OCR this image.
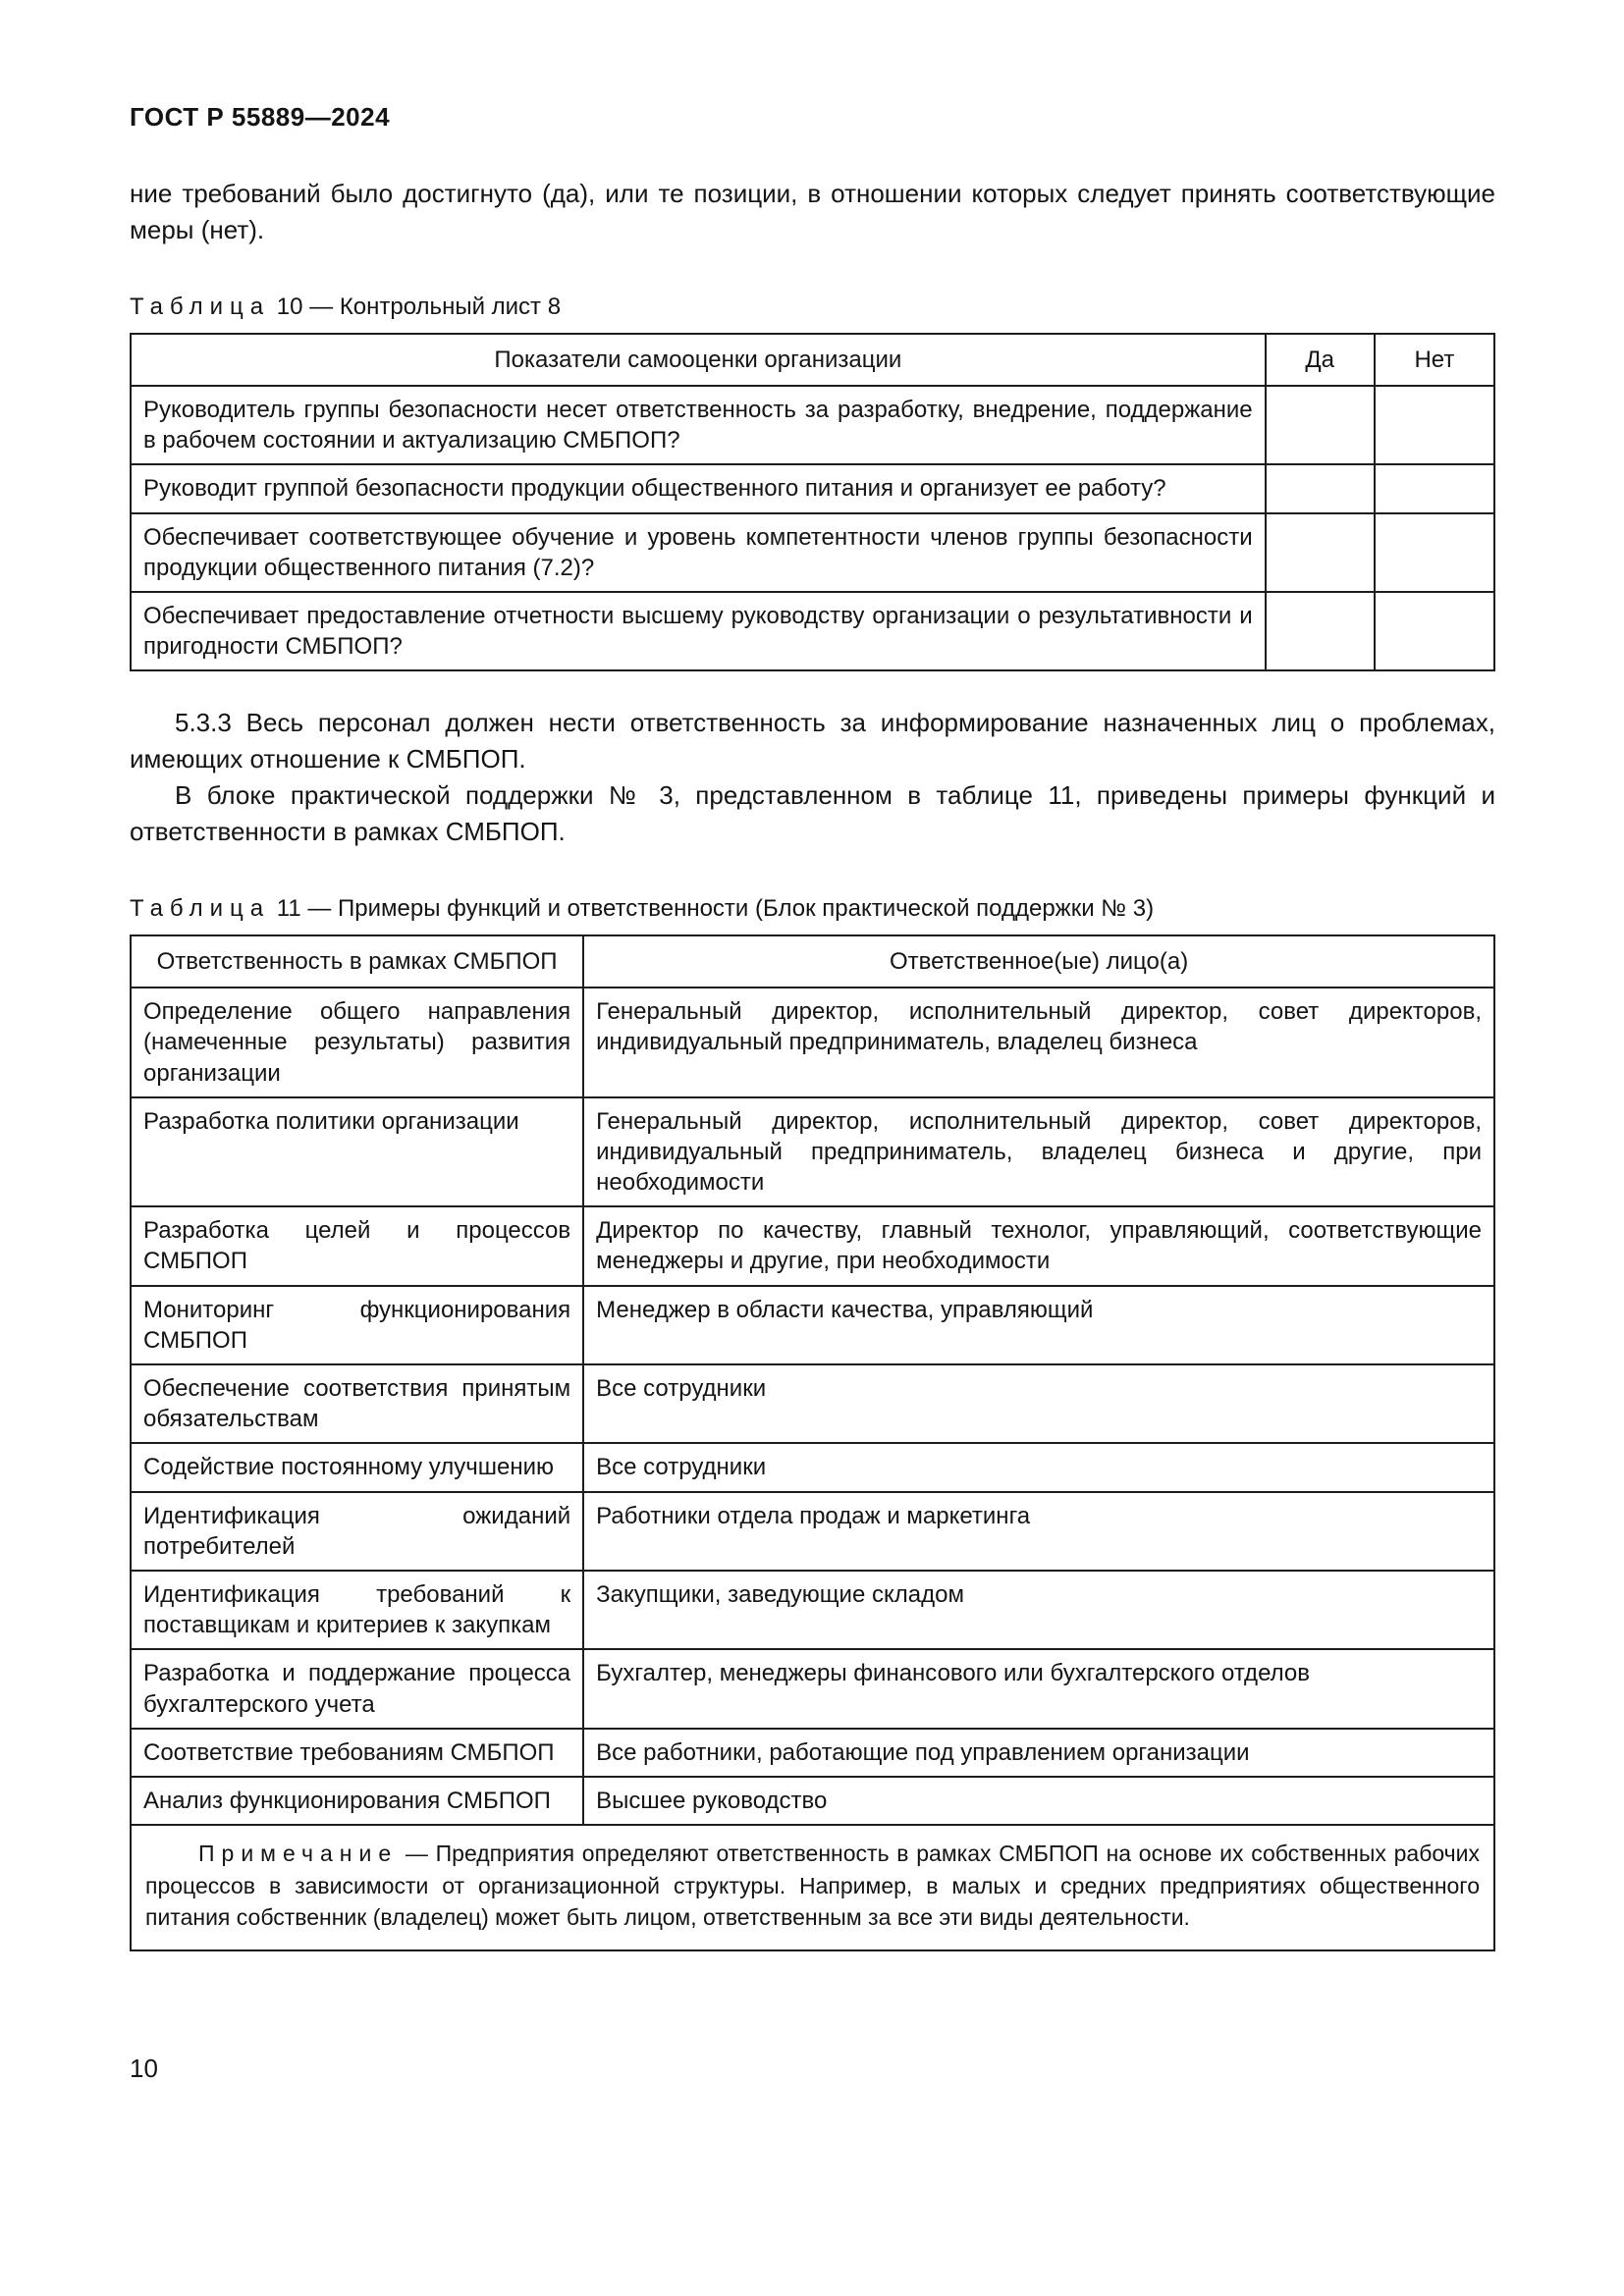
ГОСТ Р 55889—2024

ние требований было достигнуто (да), или те позиции, в отношении которых следует принять соответствующие меры (нет).

Таблица 10 — Контрольный лист 8

Показатели самооценки организации	Да	Нет
Руководитель группы безопасности несет ответственность за разработку, внедрение, поддержание в рабочем состоянии и актуализацию СМБПОП?		
Руководит группой безопасности продукции общественного питания и организует ее работу?		
Обеспечивает соответствующее обучение и уровень компетентности членов группы безопасности продукции общественного питания (7.2)?		
Обеспечивает предоставление отчетности высшему руководству организации о результативности и пригодности СМБПОП?		

5.3.3 Весь персонал должен нести ответственность за информирование назначенных лиц о проблемах, имеющих отношение к СМБПОП.

В блоке практической поддержки № 3, представленном в таблице 11, приведены примеры функций и ответственности в рамках СМБПОП.

Таблица 11 — Примеры функций и ответственности (Блок практической поддержки № 3)

Ответственность в рамках СМБПОП	Ответственное(ые) лицо(а)
Определение общего направления (намеченные результаты) развития организации	Генеральный директор, исполнительный директор, совет директоров, индивидуальный предприниматель, владелец бизнеса
Разработка политики организации	Генеральный директор, исполнительный директор, совет директоров, индивидуальный предприниматель, владелец бизнеса и другие, при необходимости
Разработка целей и процессов СМБПОП	Директор по качеству, главный технолог, управляющий, соответствующие менеджеры и другие, при необходимости
Мониторинг функционирования СМБПОП	Менеджер в области качества, управляющий
Обеспечение соответствия принятым обязательствам	Все сотрудники
Содействие постоянному улучшению	Все сотрудники
Идентификация ожиданий потребителей	Работники отдела продаж и маркетинга
Идентификация требований к поставщикам и критериев к закупкам	Закупщики, заведующие складом
Разработка и поддержание процесса бухгалтерского учета	Бухгалтер, менеджеры финансового или бухгалтерского отделов
Соответствие требованиям СМБПОП	Все работники, работающие под управлением организации
Анализ функционирования СМБПОП	Высшее руководство

Примечание — Предприятия определяют ответственность в рамках СМБПОП на основе их собственных рабочих процессов в зависимости от организационной структуры. Например, в малых и средних предприятиях общественного питания собственник (владелец) может быть лицом, ответственным за все эти виды деятельности.	

10
